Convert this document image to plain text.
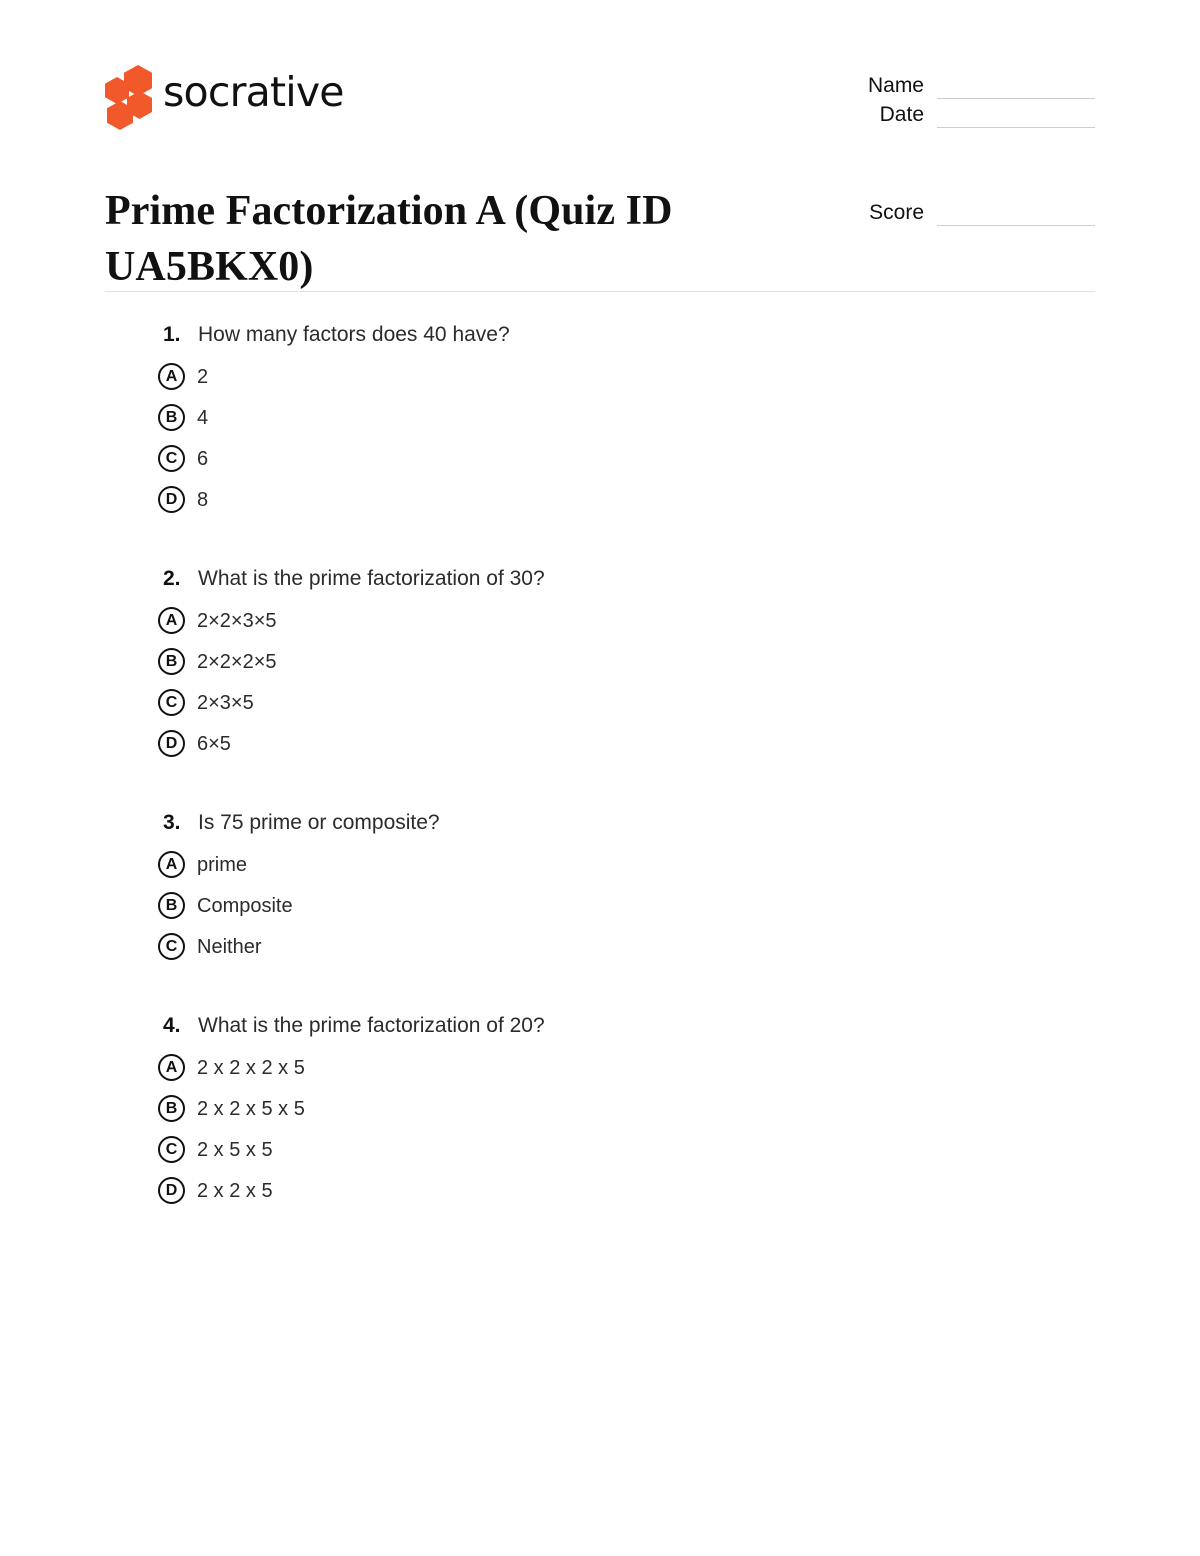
socrative
Prime Factorization A (Quiz ID UA5BKX0)
Name
Date
Score
1. How many factors does 40 have?
A 2
B 4
C 6
D 8
2. What is the prime factorization of 30?
A 2×2×3×5
B 2×2×2×5
C 2×3×5
D 6×5
3. Is 75 prime or composite?
A prime
B Composite
C Neither
4. What is the prime factorization of 20?
A 2 x 2 x 2 x 5
B 2 x 2 x 5 x 5
C 2 x 5 x 5
D 2 x 2 x 5
